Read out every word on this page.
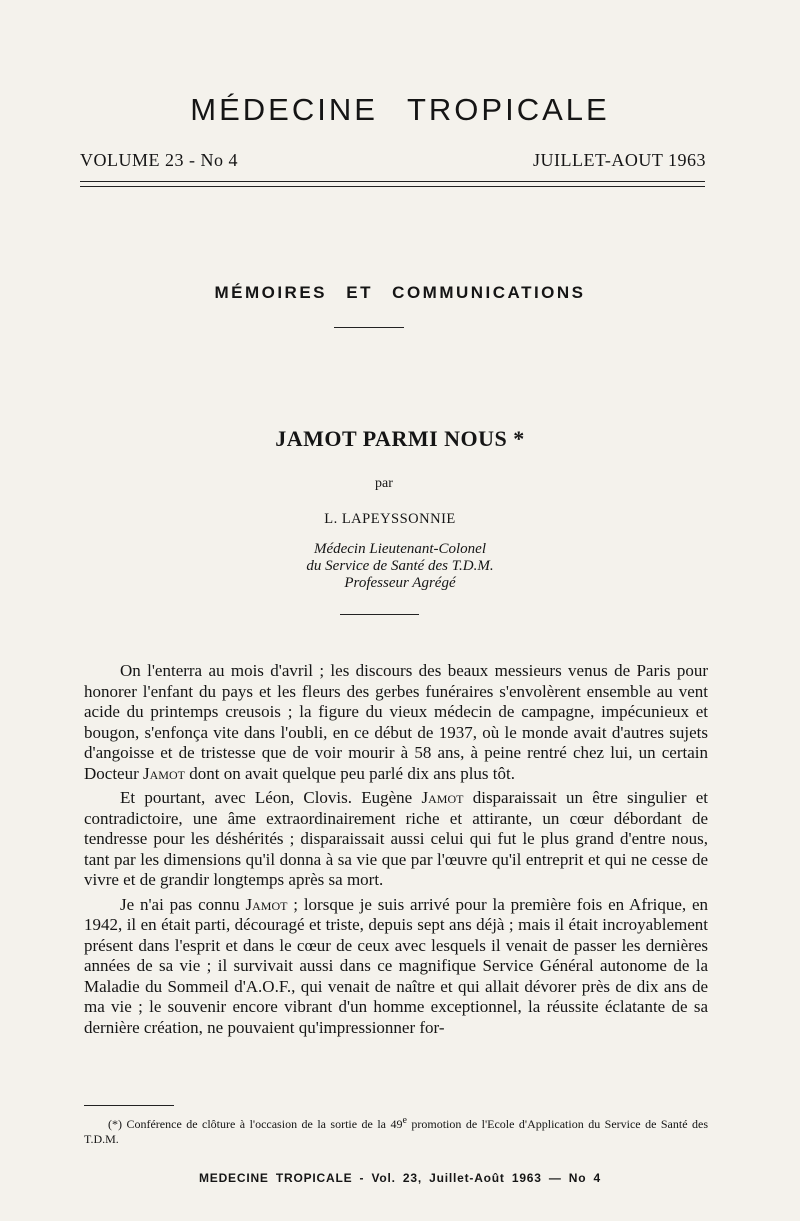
MÉDECINE TROPICALE
VOLUME 23 - No 4	JUILLET-AOUT 1963
MÉMOIRES ET COMMUNICATIONS
JAMOT PARMI NOUS *
par
L. LAPEYSSONNIE
Médecin Lieutenant-Colonel
du Service de Santé des T.D.M.
Professeur Agrégé

On l'enterra au mois d'avril ; les discours des beaux messieurs venus de Paris pour honorer l'enfant du pays et les fleurs des gerbes funéraires s'envolèrent ensemble au vent acide du printemps creusois ; la figure du vieux médecin de campagne, impécunieux et bougon, s'enfonça vite dans l'oubli, en ce début de 1937, où le monde avait d'autres sujets d'angoisse et de tristesse que de voir mourir à 58 ans, à peine rentré chez lui, un certain Docteur Jamot dont on avait quelque peu parlé dix ans plus tôt.

Et pourtant, avec Léon, Clovis. Eugène Jamot disparaissait un être singulier et contradictoire, une âme extraordinairement riche et attirante, un cœur débordant de tendresse pour les déshérités ; disparaissait aussi celui qui fut le plus grand d'entre nous, tant par les dimensions qu'il donna à sa vie que par l'œuvre qu'il entreprit et qui ne cesse de vivre et de grandir longtemps après sa mort.

Je n'ai pas connu Jamot ; lorsque je suis arrivé pour la première fois en Afrique, en 1942, il en était parti, découragé et triste, depuis sept ans déjà ; mais il était incroyablement présent dans l'esprit et dans le cœur de ceux avec lesquels il venait de passer les dernières années de sa vie ; il survivait aussi dans ce magnifique Service Général autonome de la Maladie du Sommeil d'A.O.F., qui venait de naître et qui allait dévorer près de dix ans de ma vie ; le souvenir encore vibrant d'un homme exceptionnel, la réussite éclatante de sa dernière création, ne pouvaient qu'impressionner for-

(*) Conférence de clôture à l'occasion de la sortie de la 49e promotion de l'Ecole d'Application du Service de Santé des T.D.M.
MEDECINE TROPICALE - Vol. 23, Juillet-Août 1963 — No 4
